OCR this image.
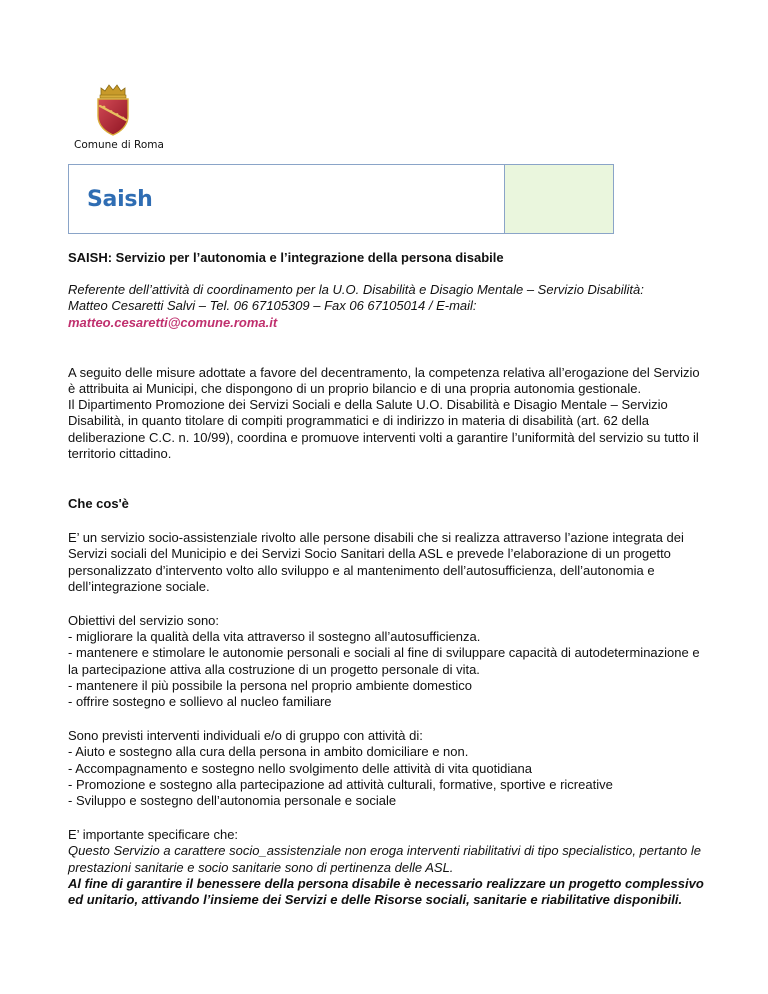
Comune di Roma
Saish

SAISH: Servizio per l’autonomia e l’integrazione della persona disabile

Referente dell’attività di coordinamento per la U.O. Disabilità e Disagio Mentale – Servizio Disabilità:

Matteo Cesaretti Salvi – Tel. 06 67105309 – Fax 06 67105014 / E-mail:

matteo.cesaretti@comune.roma.it

A seguito delle misure adottate a favore del decentramento, la competenza relativa all’erogazione del Servizio è attribuita ai Municipi, che dispongono di un proprio bilancio e di una propria autonomia gestionale.

Il Dipartimento Promozione dei Servizi Sociali e della Salute U.O. Disabilità e Disagio Mentale – Servizio Disabilità, in quanto titolare di compiti programmatici e di indirizzo in materia di disabilità (art. 62 della deliberazione C.C. n. 10/99), coordina e promuove interventi volti a garantire l’uniformità del servizio su tutto il territorio cittadino.

Che cos'è

E’ un servizio socio-assistenziale rivolto alle persone disabili che si realizza attraverso l’azione integrata dei Servizi sociali del Municipio e dei Servizi Socio Sanitari della ASL e prevede l’elaborazione di un progetto personalizzato d’intervento volto allo sviluppo e al mantenimento dell’autosufficienza, dell’autonomia e dell’integrazione sociale.

Obiettivi del servizio sono:

- migliorare la qualità della vita attraverso il sostegno all’autosufficienza.

- mantenere e stimolare le autonomie personali e sociali al fine di sviluppare capacità di autodeterminazione e la partecipazione attiva alla costruzione di un progetto personale di vita.

- mantenere il più possibile la persona nel proprio ambiente domestico

- offrire sostegno e sollievo al nucleo familiare

Sono previsti interventi individuali e/o di gruppo con attività di:

- Aiuto e sostegno alla cura della persona in ambito domiciliare e non.

- Accompagnamento e sostegno nello svolgimento delle attività di vita quotidiana

- Promozione e sostegno alla partecipazione ad attività culturali, formative, sportive e ricreative

- Sviluppo e sostegno dell’autonomia personale e sociale

E’ importante specificare che:

Questo Servizio a carattere socio_assistenziale non eroga interventi riabilitativi di tipo specialistico, pertanto le prestazioni sanitarie e socio sanitarie sono di pertinenza delle ASL.

Al fine di garantire il benessere della persona disabile è necessario realizzare un progetto complessivo ed unitario, attivando l’insieme dei Servizi e delle Risorse sociali, sanitarie e riabilitative disponibili.
